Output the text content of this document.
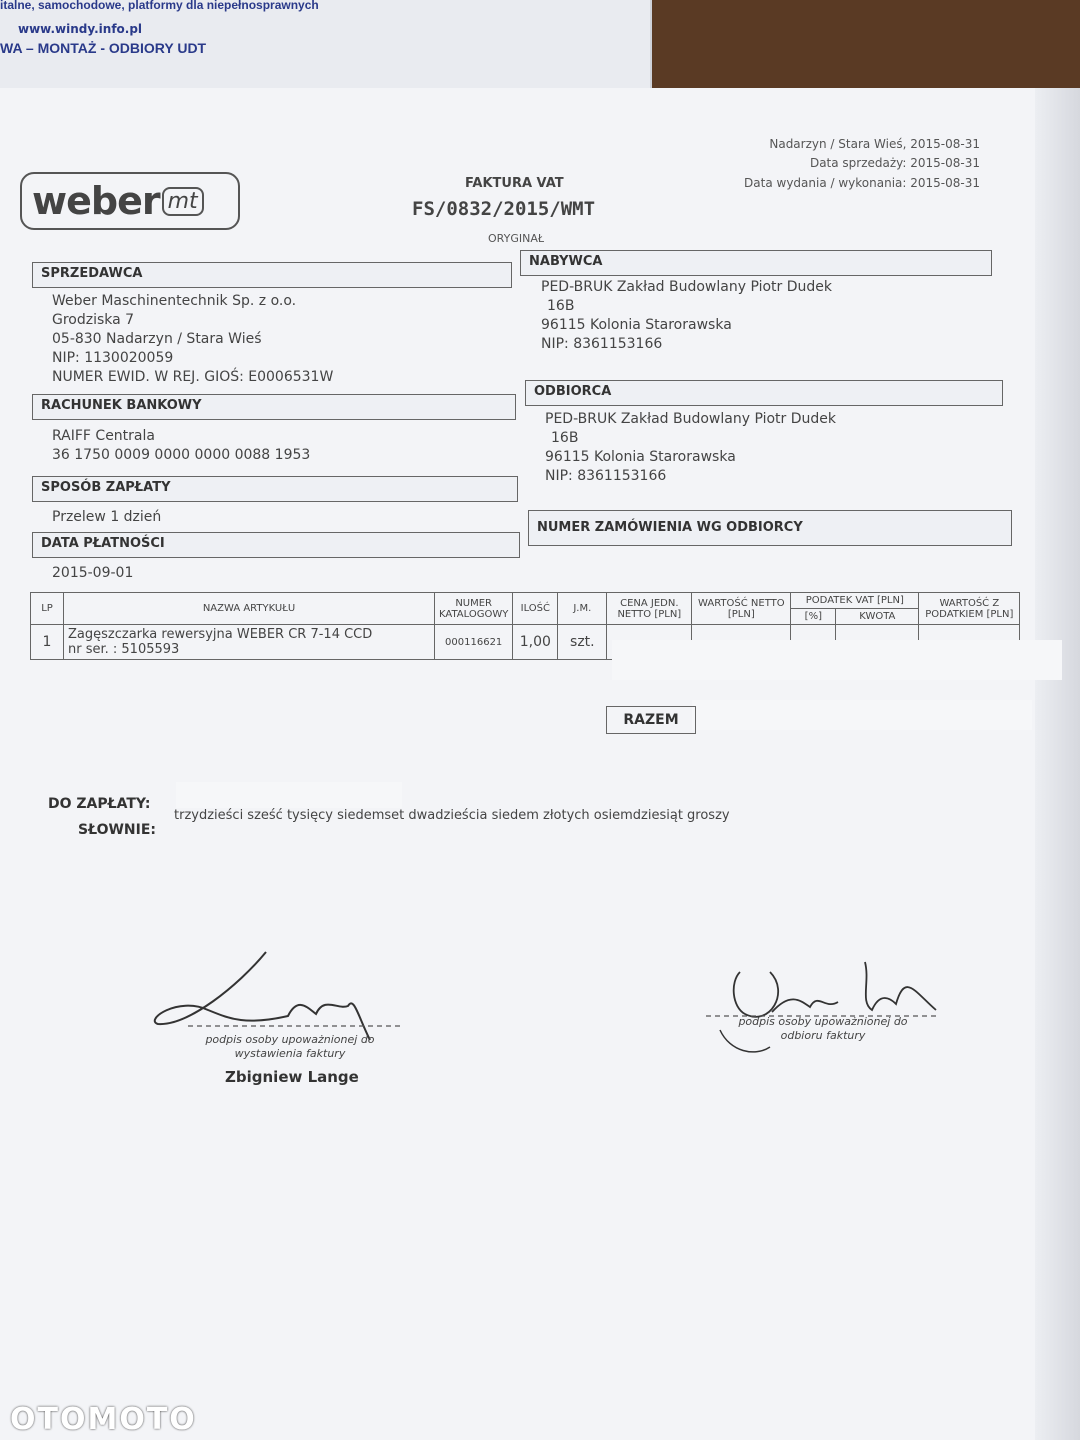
italne, samochodowe, platformy dla niepełnosprawnych
www.windy.info.pl
WA – MONTAŻ - ODBIORY UDT
Nadarzyn / Stara Wieś, 2015-08-31
Data sprzedaży: 2015-08-31
Data wydania / wykonania: 2015-08-31
weber mt
FAKTURA VAT
FS/0832/2015/WMT
ORYGINAŁ
SPRZEDAWCA
Weber Maschinentechnik Sp. z o.o.
Grodziska 7
05-830 Nadarzyn / Stara Wieś
NIP: 1130020059
NUMER EWID. W REJ. GIOŚ: E0006531W
NABYWCA
PED-BRUK Zakład Budowlany Piotr Dudek
16B
96115 Kolonia Starorawska
NIP: 8361153166
RACHUNEK BANKOWY
RAIFF Centrala
36 1750 0009 0000 0000 0088 1953
ODBIORCA
PED-BRUK Zakład Budowlany Piotr Dudek
16B
96115 Kolonia Starorawska
NIP: 8361153166
SPOSÓB ZAPŁATY
Przelew 1 dzień
DATA PŁATNOŚCI
2015-09-01
NUMER ZAMÓWIENIA WG ODBIORCY
LP	NAZWA ARTYKUŁU	NUMER KATALOGOWY	ILOŚĆ	J.M.	CENA JEDN. NETTO [PLN]	WARTOŚĆ NETTO [PLN]	PODATEK VAT [PLN]		WARTOŚĆ Z PODATKIEM [PLN]
							[%]	KWOTA	
1	Zagęszczarka rewersyjna WEBER CR 7-14 CCD
nr ser. : 5105593	000116621	1,00	szt.					
RAZEM
DO ZAPŁATY:
SŁOWNIE:
trzydzieści sześć tysięcy siedemset dwadzieścia siedem złotych osiemdziesiąt groszy
podpis osoby upoważnionej do wystawienia faktury
Zbigniew Lange
podpis osoby upoważnionej do odbioru faktury
OTOMOTO
